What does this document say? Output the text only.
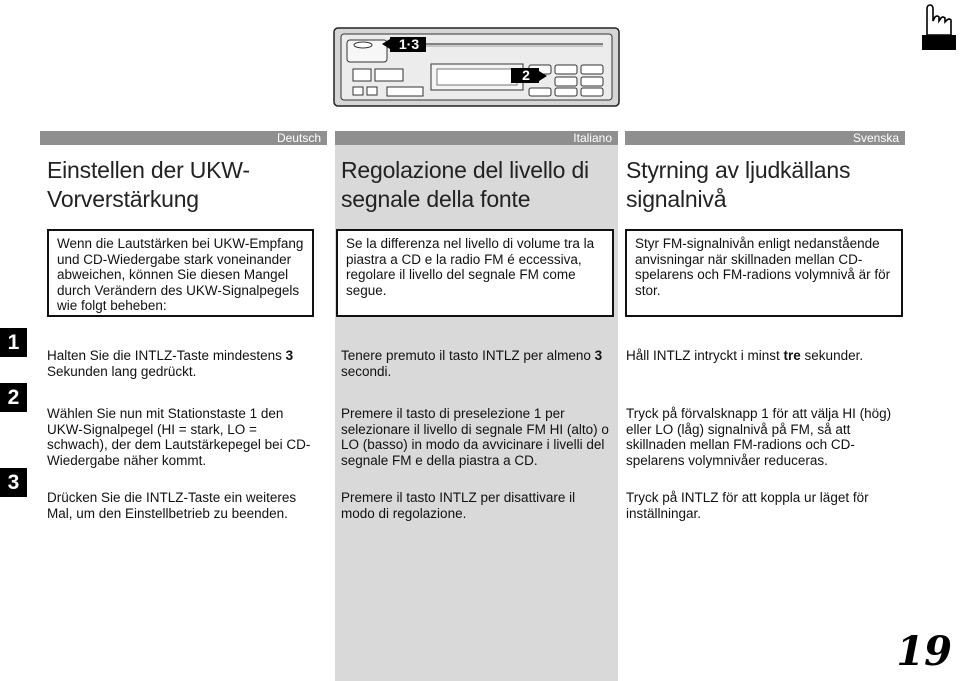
1·3
2
Deutsch	Italiano	Svenska
Einstellen der UKW-Vorverstärkung
Regolazione del livello di segnale della fonte
Styrning av ljudkällans signalnivå
Wenn die Lautstärken bei UKW-Empfang und CD-Wiedergabe stark voneinander abweichen, können Sie diesen Mangel durch Verändern des UKW-Signalpegels wie folgt beheben:
Se la differenza nel livello di volume tra la piastra a CD e la radio FM é eccessiva, regolare il livello del segnale FM come segue.
Styr FM-signalnivån enligt nedanstående anvisningar när skillnaden mellan CD-spelarens och FM-radions volymnivå är för stor.
1
2
3
Halten Sie die INTLZ-Taste mindestens 3 Sekunden lang gedrückt.
Wählen Sie nun mit Stationstaste 1 den UKW-Signalpegel (HI = stark, LO = schwach), der dem Lautstärkepegel bei CD-Wiedergabe näher kommt.
Drücken Sie die INTLZ-Taste ein weiteres Mal, um den Einstellbetrieb zu beenden.
Tenere premuto il tasto INTLZ per almeno 3 secondi.
Premere il tasto di preselezione 1 per selezionare il livello di segnale FM HI (alto) o LO (basso) in modo da avvicinare i livelli del segnale FM e della piastra a CD.
Premere il tasto INTLZ per disattivare il modo di regolazione.
Håll INTLZ intryckt i minst tre sekunder.
Tryck på förvalsknapp 1 för att välja HI (hög) eller LO (låg) signalnivå på FM, så att skillnaden mellan FM-radions och CD-spelarens volymnivåer reduceras.
Tryck på INTLZ för att koppla ur läget för inställningar.
19
